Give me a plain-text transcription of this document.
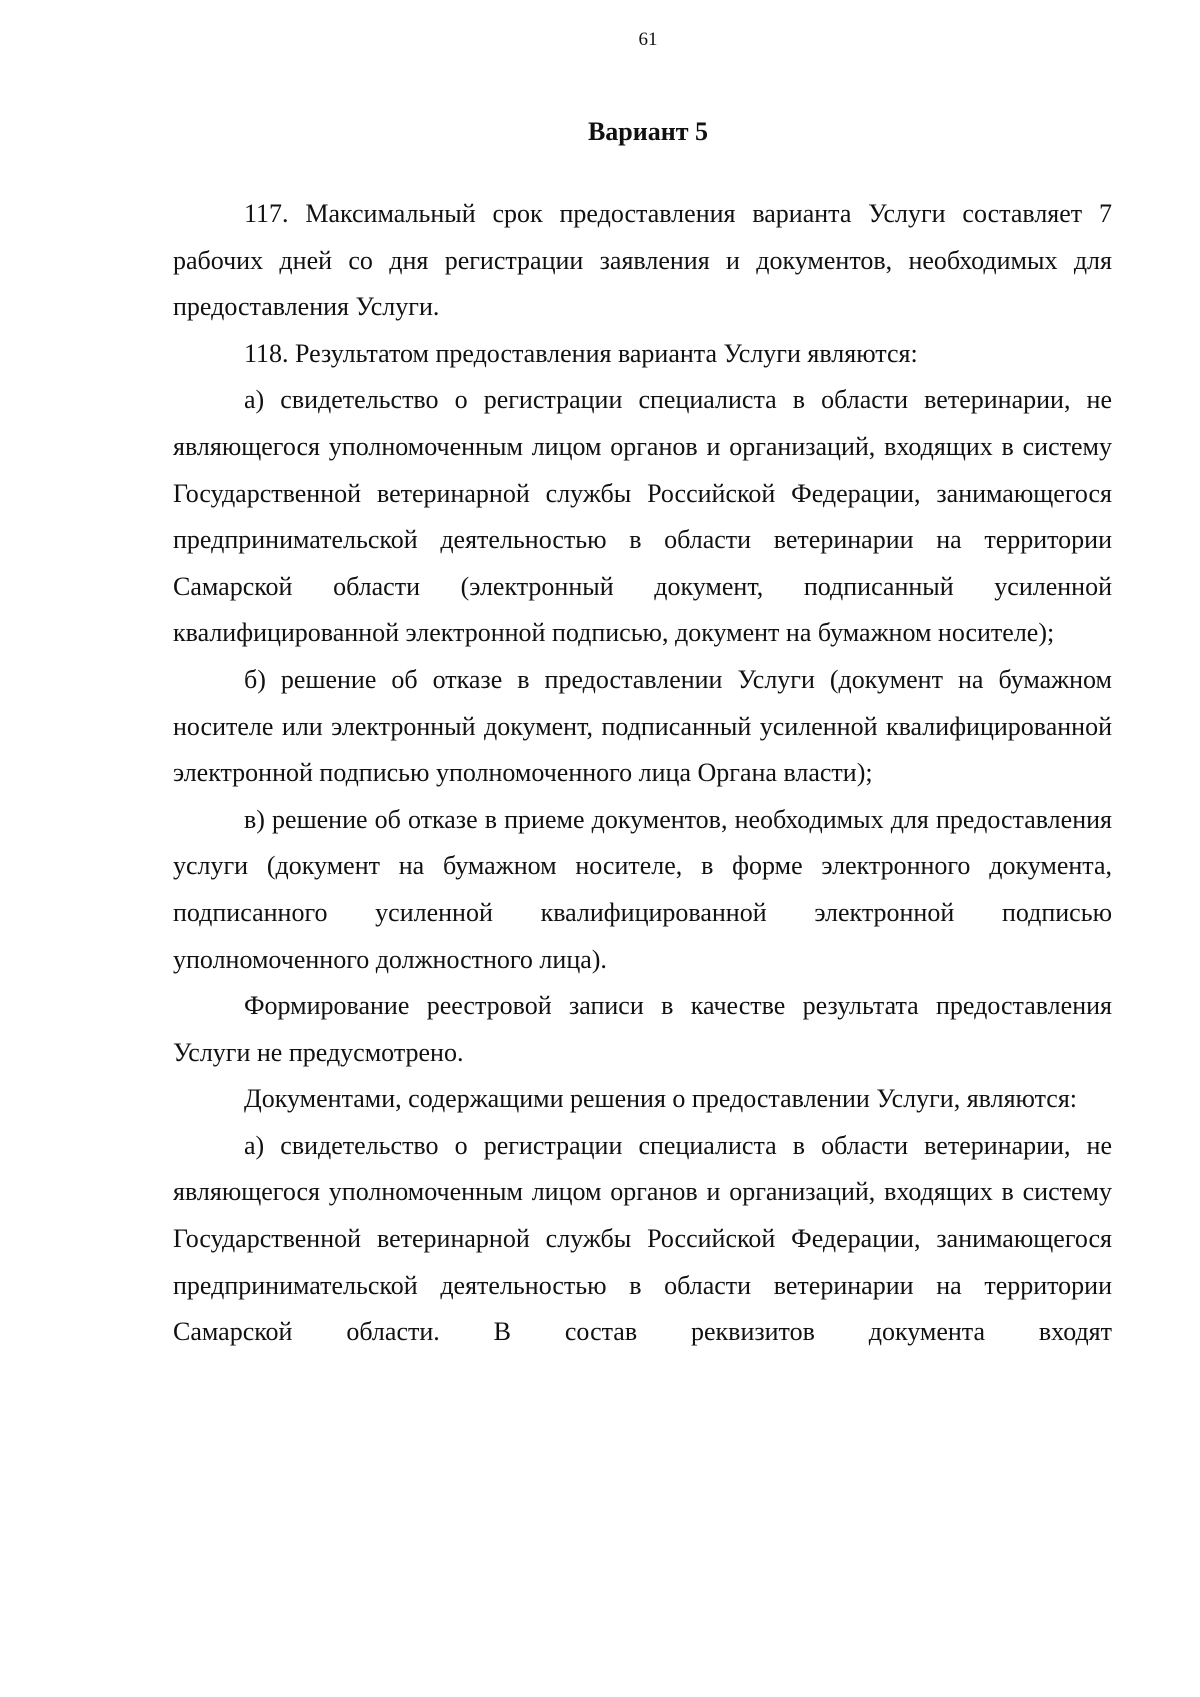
61
Вариант 5

117. Максимальный срок предоставления варианта Услуги составляет 7 рабочих дней со дня регистрации заявления и документов, необходимых для предоставления Услуги.

118. Результатом предоставления варианта Услуги являются:

а) свидетельство о регистрации специалиста в области ветеринарии, не являющегося уполномоченным лицом органов и организаций, входящих в систему Государственной ветеринарной службы Российской Федерации, занимающегося предпринимательской деятельностью в области ветеринарии на территории Самарской области (электронный документ, подписанный усиленной квалифицированной электронной подписью, документ на бумажном носителе);

б) решение об отказе в предоставлении Услуги (документ на бумажном носителе или электронный документ, подписанный усиленной квалифицированной электронной подписью уполномоченного лица Органа власти);

в) решение об отказе в приеме документов, необходимых для предоставления услуги (документ на бумажном носителе, в форме электронного документа, подписанного усиленной квалифицированной электронной подписью уполномоченного должностного лица).

Формирование реестровой записи в качестве результата предоставления Услуги не предусмотрено.

Документами, содержащими решения о предоставлении Услуги, являются:

а) свидетельство о регистрации специалиста в области ветеринарии, не являющегося уполномоченным лицом органов и организаций, входящих в систему Государственной ветеринарной службы Российской Федерации, занимающегося предпринимательской деятельностью в области ветеринарии на территории Самарской области. В состав реквизитов документа входят
